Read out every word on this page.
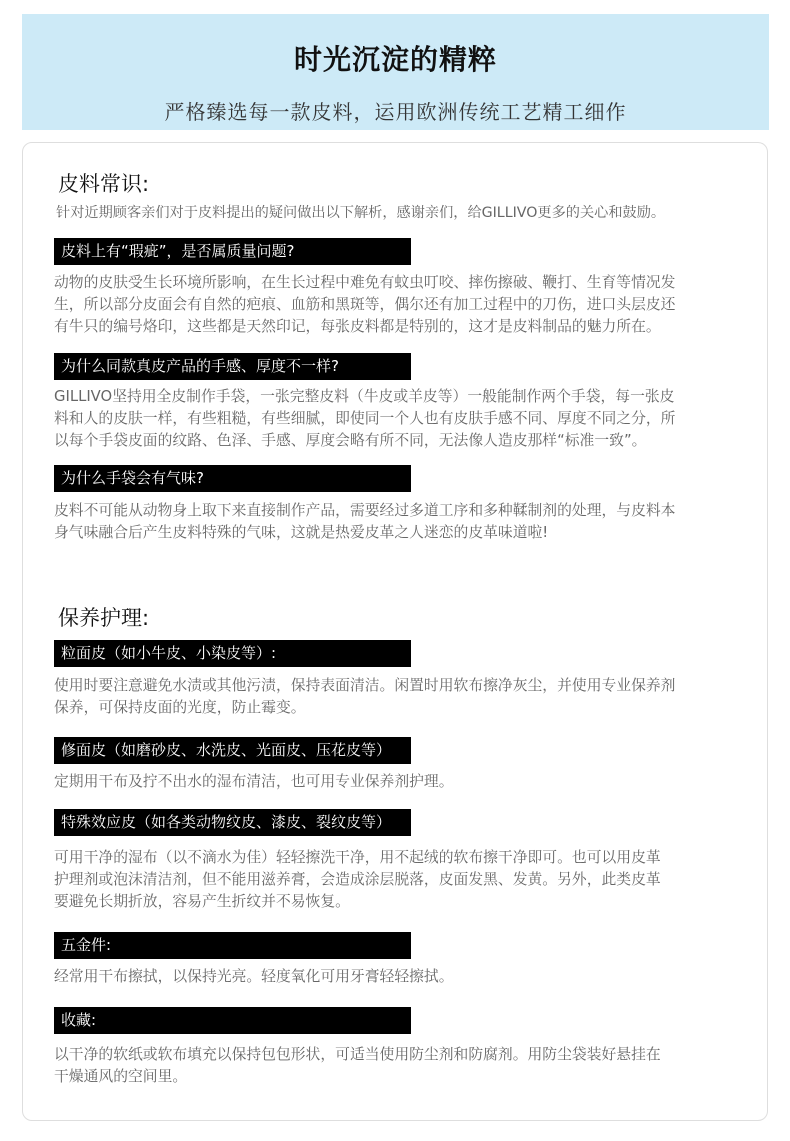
时光沉淀的精粹
严格臻选每一款皮料，运用欧洲传统工艺精工细作
皮料常识:
针对近期顾客亲们对于皮料提出的疑问做出以下解析，感谢亲们，给GILLIVO更多的关心和鼓励。
皮料上有“瑕疵”，是否属质量问题?
动物的皮肤受生长环境所影响，在生长过程中难免有蚊虫叮咬、摔伤擦破、鞭打、生育等情况发
生，所以部分皮面会有自然的疤痕、血筋和黑斑等，偶尔还有加工过程中的刀伤，进口头层皮还
有牛只的编号烙印，这些都是天然印记，每张皮料都是特别的，这才是皮料制品的魅力所在。
为什么同款真皮产品的手感、厚度不一样?
GILLIVO坚持用全皮制作手袋，一张完整皮料（牛皮或羊皮等）一般能制作两个手袋，每一张皮
料和人的皮肤一样，有些粗糙，有些细腻，即使同一个人也有皮肤手感不同、厚度不同之分，所
以每个手袋皮面的纹路、色泽、手感、厚度会略有所不同，无法像人造皮那样“标准一致”。
为什么手袋会有气味?
皮料不可能从动物身上取下来直接制作产品，需要经过多道工序和多种鞣制剂的处理，与皮料本
身气味融合后产生皮料特殊的气味，这就是热爱皮革之人迷恋的皮革味道啦!
保养护理:
粒面皮（如小牛皮、小染皮等）:
使用时要注意避免水渍或其他污渍，保持表面清洁。闲置时用软布擦净灰尘，并使用专业保养剂
保养，可保持皮面的光度，防止霉变。
修面皮（如磨砂皮、水洗皮、光面皮、压花皮等）
定期用干布及拧不出水的湿布清洁，也可用专业保养剂护理。
特殊效应皮（如各类动物纹皮、漆皮、裂纹皮等）
可用干净的湿布（以不滴水为佳）轻轻擦洗干净，用不起绒的软布擦干净即可。也可以用皮革
护理剂或泡沫清洁剂，但不能用滋养膏，会造成涂层脱落，皮面发黑、发黄。另外，此类皮革
要避免长期折放，容易产生折纹并不易恢复。
五金件:
经常用干布擦拭，以保持光亮。轻度氧化可用牙膏轻轻擦拭。
收藏:
以干净的软纸或软布填充以保持包包形状，可适当使用防尘剂和防腐剂。用防尘袋装好悬挂在
干燥通风的空间里。
